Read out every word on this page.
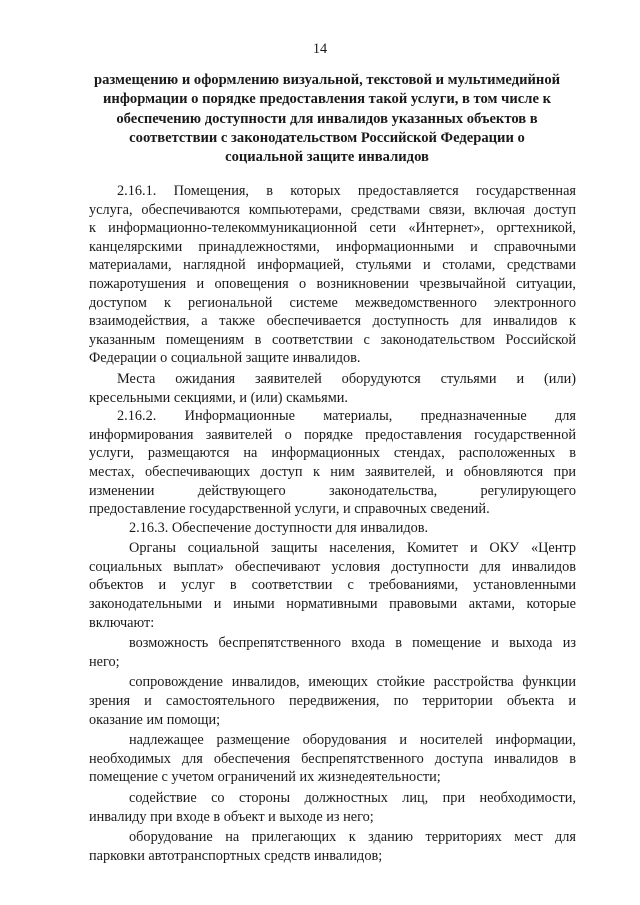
14
размещению и оформлению визуальной, текстовой и мультимедийной
информации о порядке предоставления такой услуги, в том числе к
обеспечению доступности для инвалидов указанных объектов в
соответствии с законодательством Российской Федерации о
социальной защите инвалидов

2.16.1. Помещения, в которых предоставляется государственная
услуга, обеспечиваются компьютерами, средствами связи, включая доступ
к информационно-телекоммуникационной сети «Интернет», оргтехникой,
канцелярскими принадлежностями, информационными и справочными
материалами, наглядной информацией, стульями и столами, средствами
пожаротушения и оповещения о возникновении чрезвычайной ситуации,
доступом к региональной системе межведомственного электронного
взаимодействия, а также обеспечивается доступность для инвалидов к
указанным помещениям в соответствии с законодательством Российской
Федерации о социальной защите инвалидов.

Места ожидания заявителей оборудуются стульями и (или)
кресельными секциями, и (или) скамьями.

2.16.2. Информационные материалы, предназначенные для
информирования заявителей о порядке предоставления государственной
услуги, размещаются на информационных стендах, расположенных в
местах, обеспечивающих доступ к ним заявителей, и обновляются при
изменении действующего законодательства, регулирующего
предоставление государственной услуги, и справочных сведений.

2.16.3. Обеспечение доступности для инвалидов.

Органы социальной защиты населения, Комитет и ОКУ «Центр
социальных выплат» обеспечивают условия доступности для инвалидов
объектов и услуг в соответствии с требованиями, установленными
законодательными и иными нормативными правовыми актами, которые
включают:

возможность беспрепятственного входа в помещение и выхода из
него;

сопровождение инвалидов, имеющих стойкие расстройства функции
зрения и самостоятельного передвижения, по территории объекта и
оказание им помощи;

надлежащее размещение оборудования и носителей информации,
необходимых для обеспечения беспрепятственного доступа инвалидов в
помещение с учетом ограничений их жизнедеятельности;

содействие со стороны должностных лиц, при необходимости,
инвалиду при входе в объект и выходе из него;

оборудование на прилегающих к зданию территориях мест для
парковки автотранспортных средств инвалидов;
